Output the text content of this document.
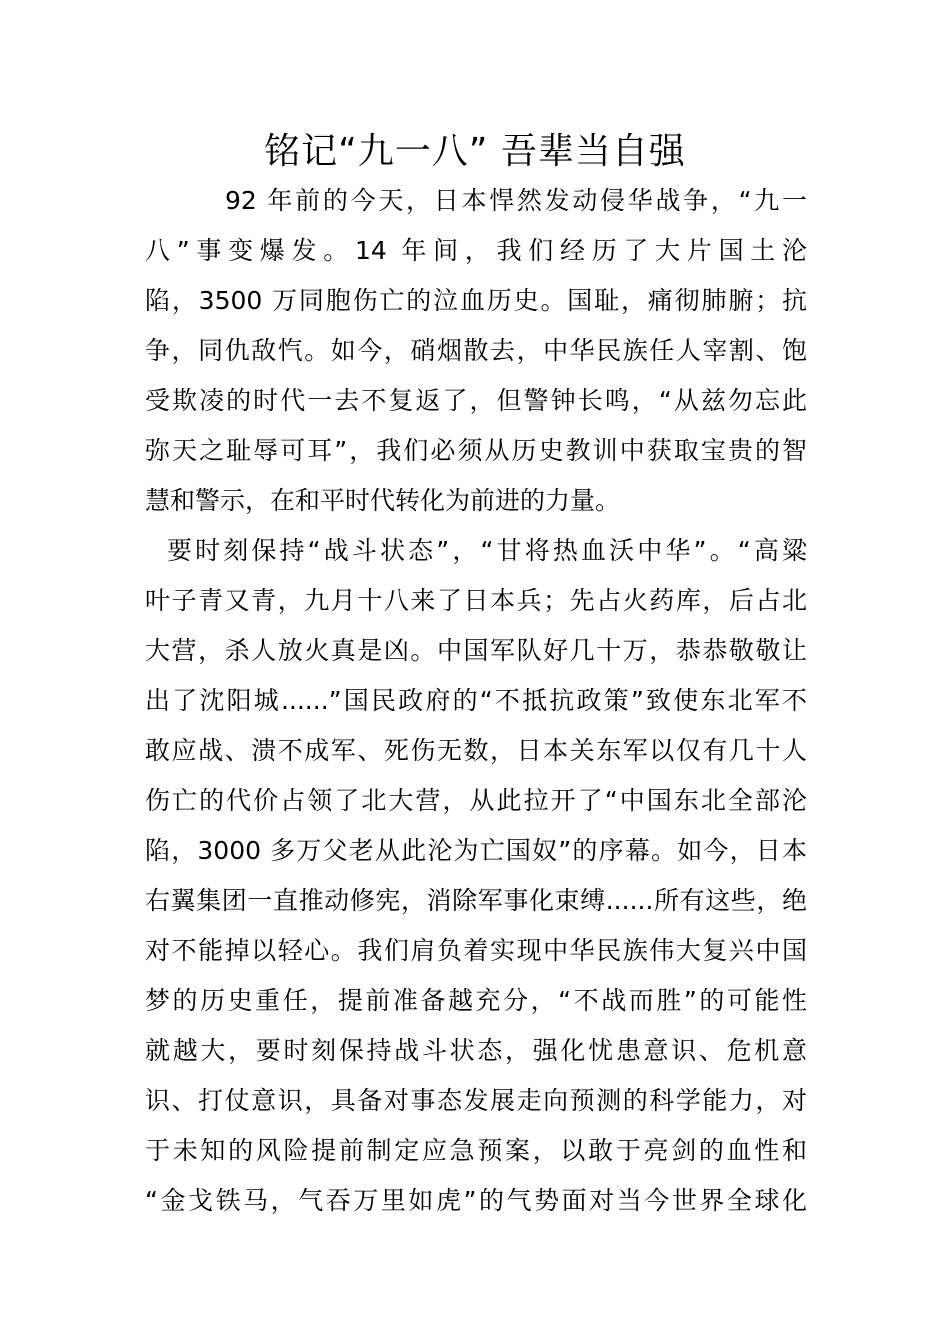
铭记“九一八” 吾辈当自强
92 年前的今天，日本悍然发动侵华战争，“九一
八”事变爆发。14 年间，我们经历了大片国土沦
陷，3500 万同胞伤亡的泣血历史。国耻，痛彻肺腑；抗
争，同仇敌忾。如今，硝烟散去，中华民族任人宰割、饱
受欺凌的时代一去不复返了，但警钟长鸣，“从兹勿忘此
弥天之耻辱可耳”，我们必须从历史教训中获取宝贵的智
慧和警示，在和平时代转化为前进的力量。
要时刻保持“战斗状态”，“甘将热血沃中华”。“高粱
叶子青又青，九月十八来了日本兵；先占火药库，后占北
大营，杀人放火真是凶。中国军队好几十万，恭恭敬敬让
出了沈阳城......”国民政府的“不抵抗政策”致使东北军不
敢应战、溃不成军、死伤无数，日本关东军以仅有几十人
伤亡的代价占领了北大营，从此拉开了“中国东北全部沦
陷，3000 多万父老从此沦为亡国奴”的序幕。如今，日本
右翼集团一直推动修宪，消除军事化束缚......所有这些，绝
对不能掉以轻心。我们肩负着实现中华民族伟大复兴中国
梦的历史重任，提前准备越充分，“不战而胜”的可能性
就越大，要时刻保持战斗状态，强化忧患意识、危机意
识、打仗意识，具备对事态发展走向预测的科学能力，对
于未知的风险提前制定应急预案，以敢于亮剑的血性和
“金戈铁马，气吞万里如虎”的气势面对当今世界全球化
